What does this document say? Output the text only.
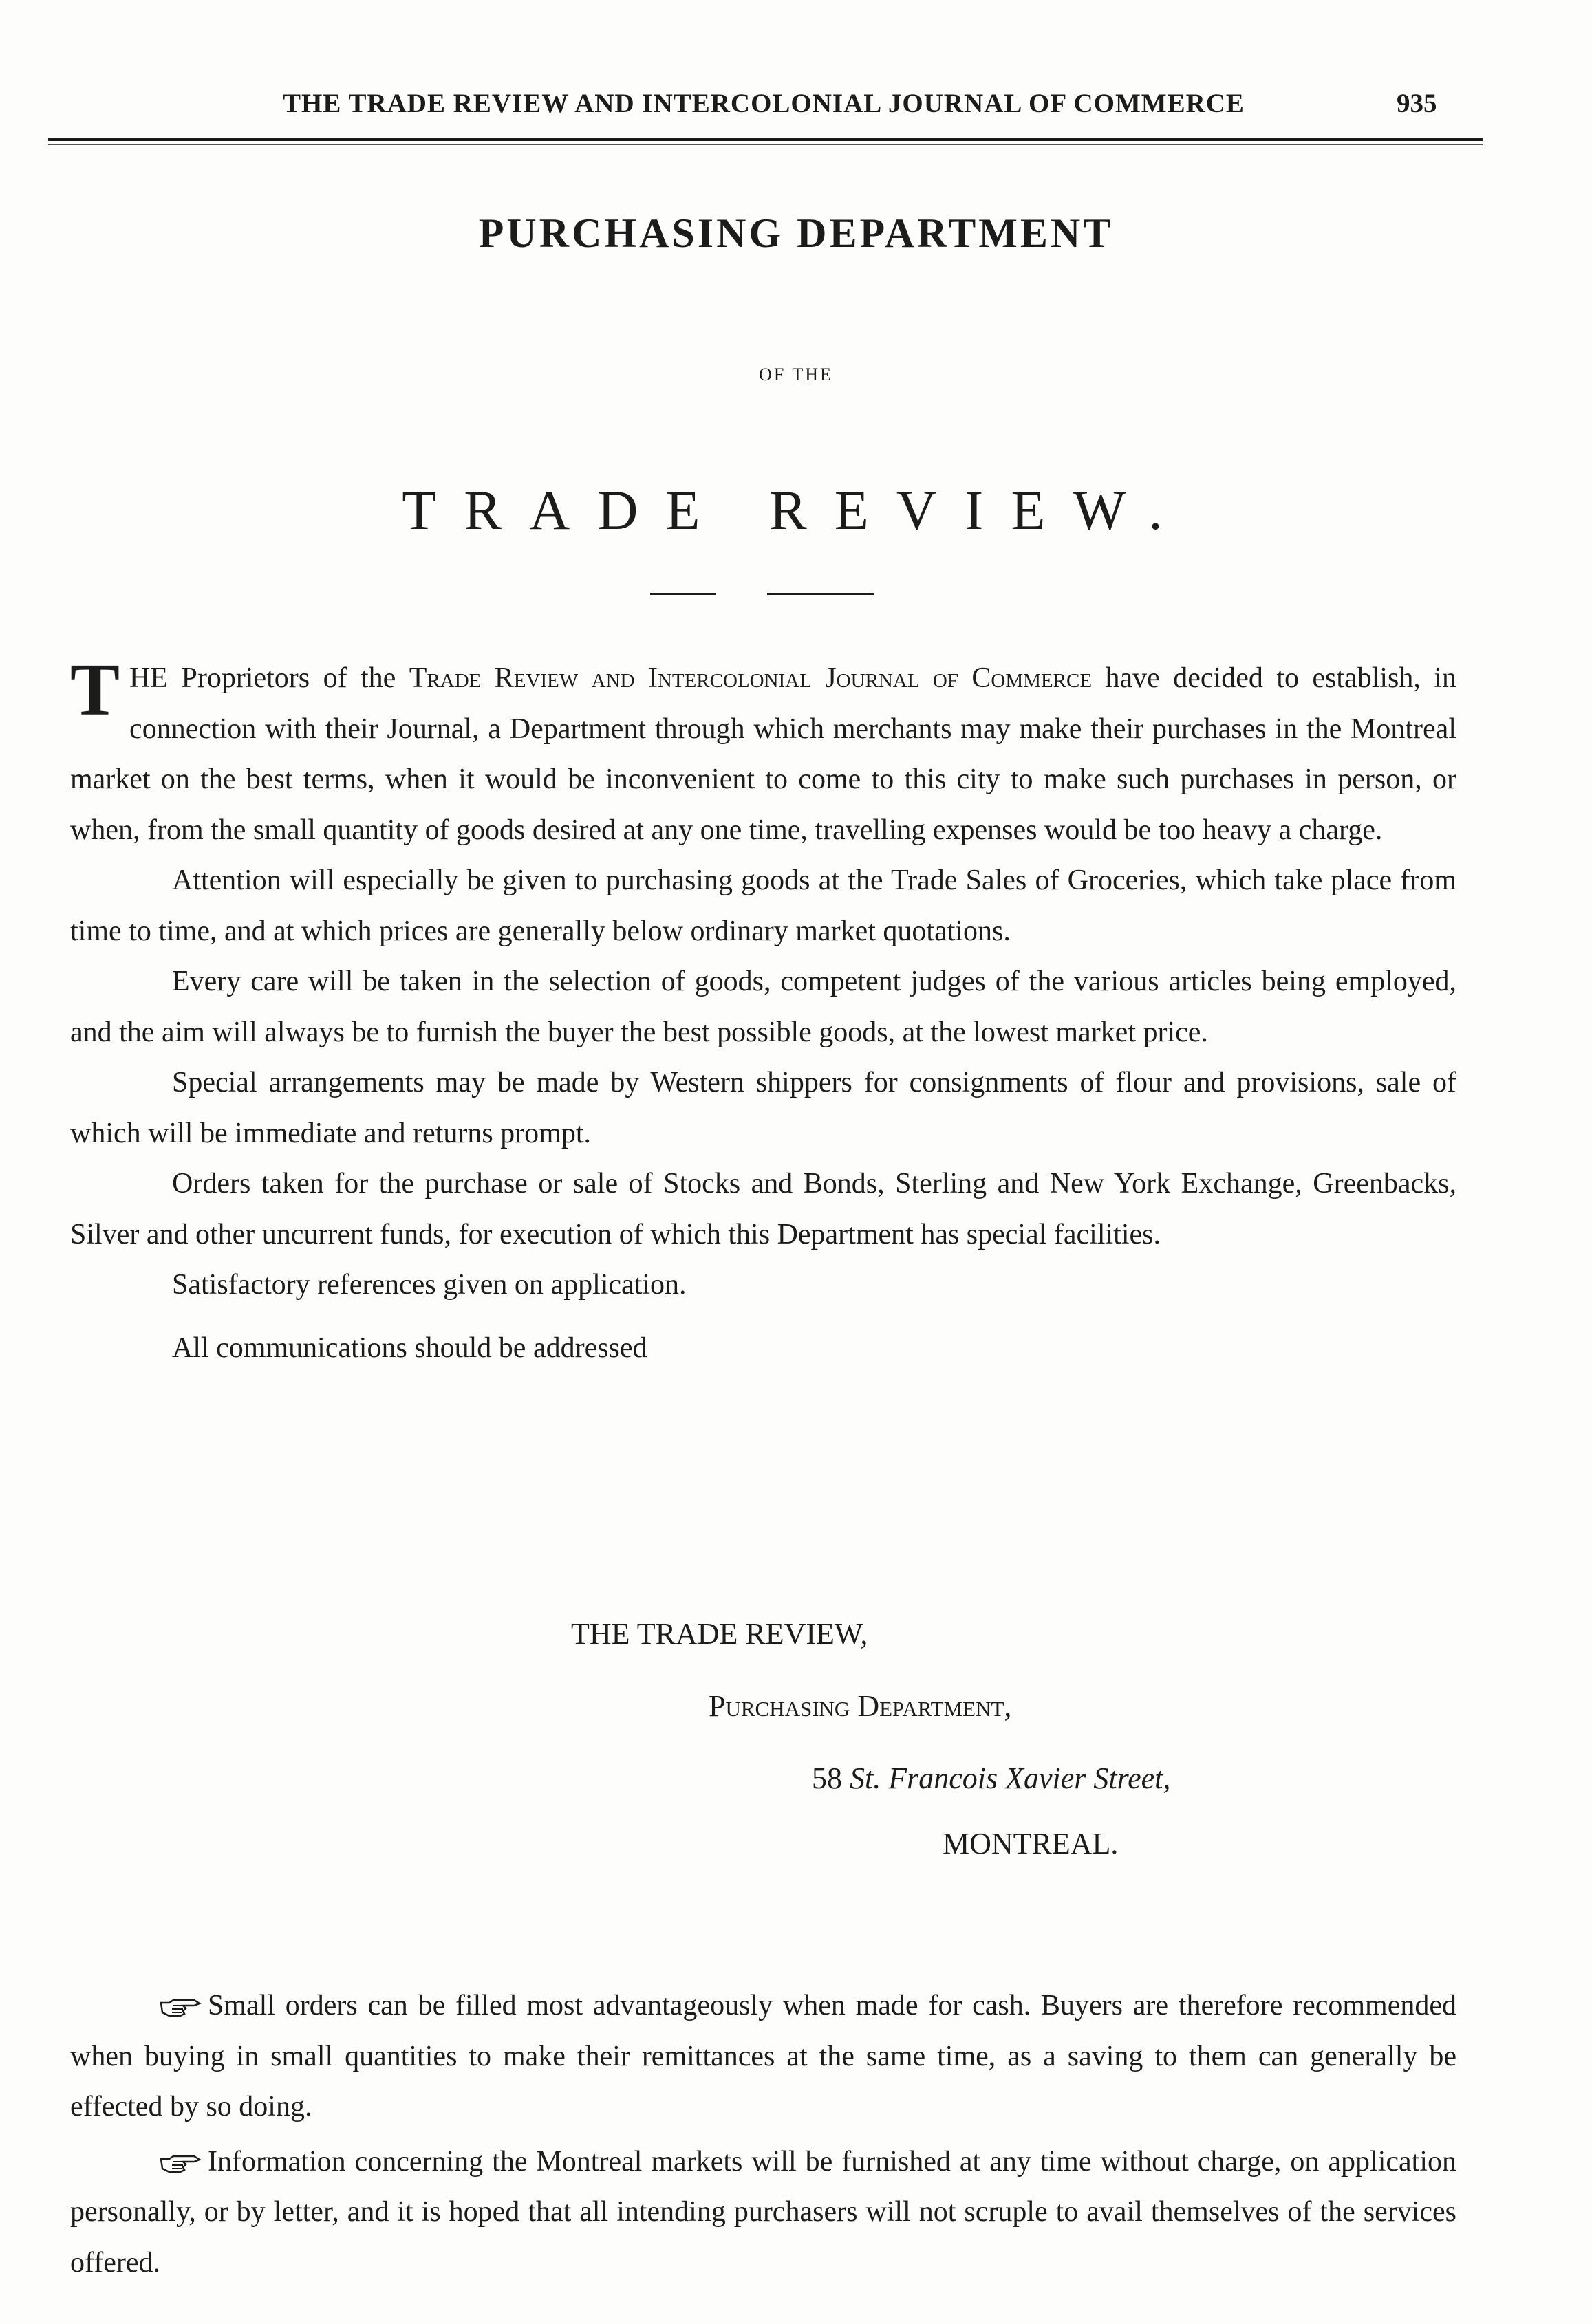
THE TRADE REVIEW AND INTERCOLONIAL JOURNAL OF COMMERCE	935
PURCHASING DEPARTMENT
OF THE
TRADE REVIEW.

THE Proprietors of the Trade Review and Intercolonial Journal of Commerce have decided to establish, in connection with their Journal, a Department through which merchants may make their purchases in the Montreal market on the best terms, when it would be inconvenient to come to this city to make such purchases in person, or when, from the small quantity of goods desired at any one time, travelling expenses would be too heavy a charge.

Attention will especially be given to purchasing goods at the Trade Sales of Groceries, which take place from time to time, and at which prices are generally below ordinary market quotations.

Every care will be taken in the selection of goods, competent judges of the various articles being employed, and the aim will always be to furnish the buyer the best possible goods, at the lowest market price.

Special arrangements may be made by Western shippers for consignments of flour and provisions, sale of which will be immediate and returns prompt.

Orders taken for the purchase or sale of Stocks and Bonds, Sterling and New York Exchange, Greenbacks, Silver and other uncurrent funds, for execution of which this Department has special facilities.

Satisfactory references given on application.

All communications should be addressed

THE TRADE REVIEW,
Purchasing Department,
58 St. Francois Xavier Street,
MONTREAL.

Small orders can be filled most advantageously when made for cash. Buyers are therefore recommended when buying in small quantities to make their remittances at the same time, as a saving to them can generally be effected by so doing.

Information concerning the Montreal markets will be furnished at any time without charge, on application personally, or by letter, and it is hoped that all intending purchasers will not scruple to avail themselves of the services offered.
